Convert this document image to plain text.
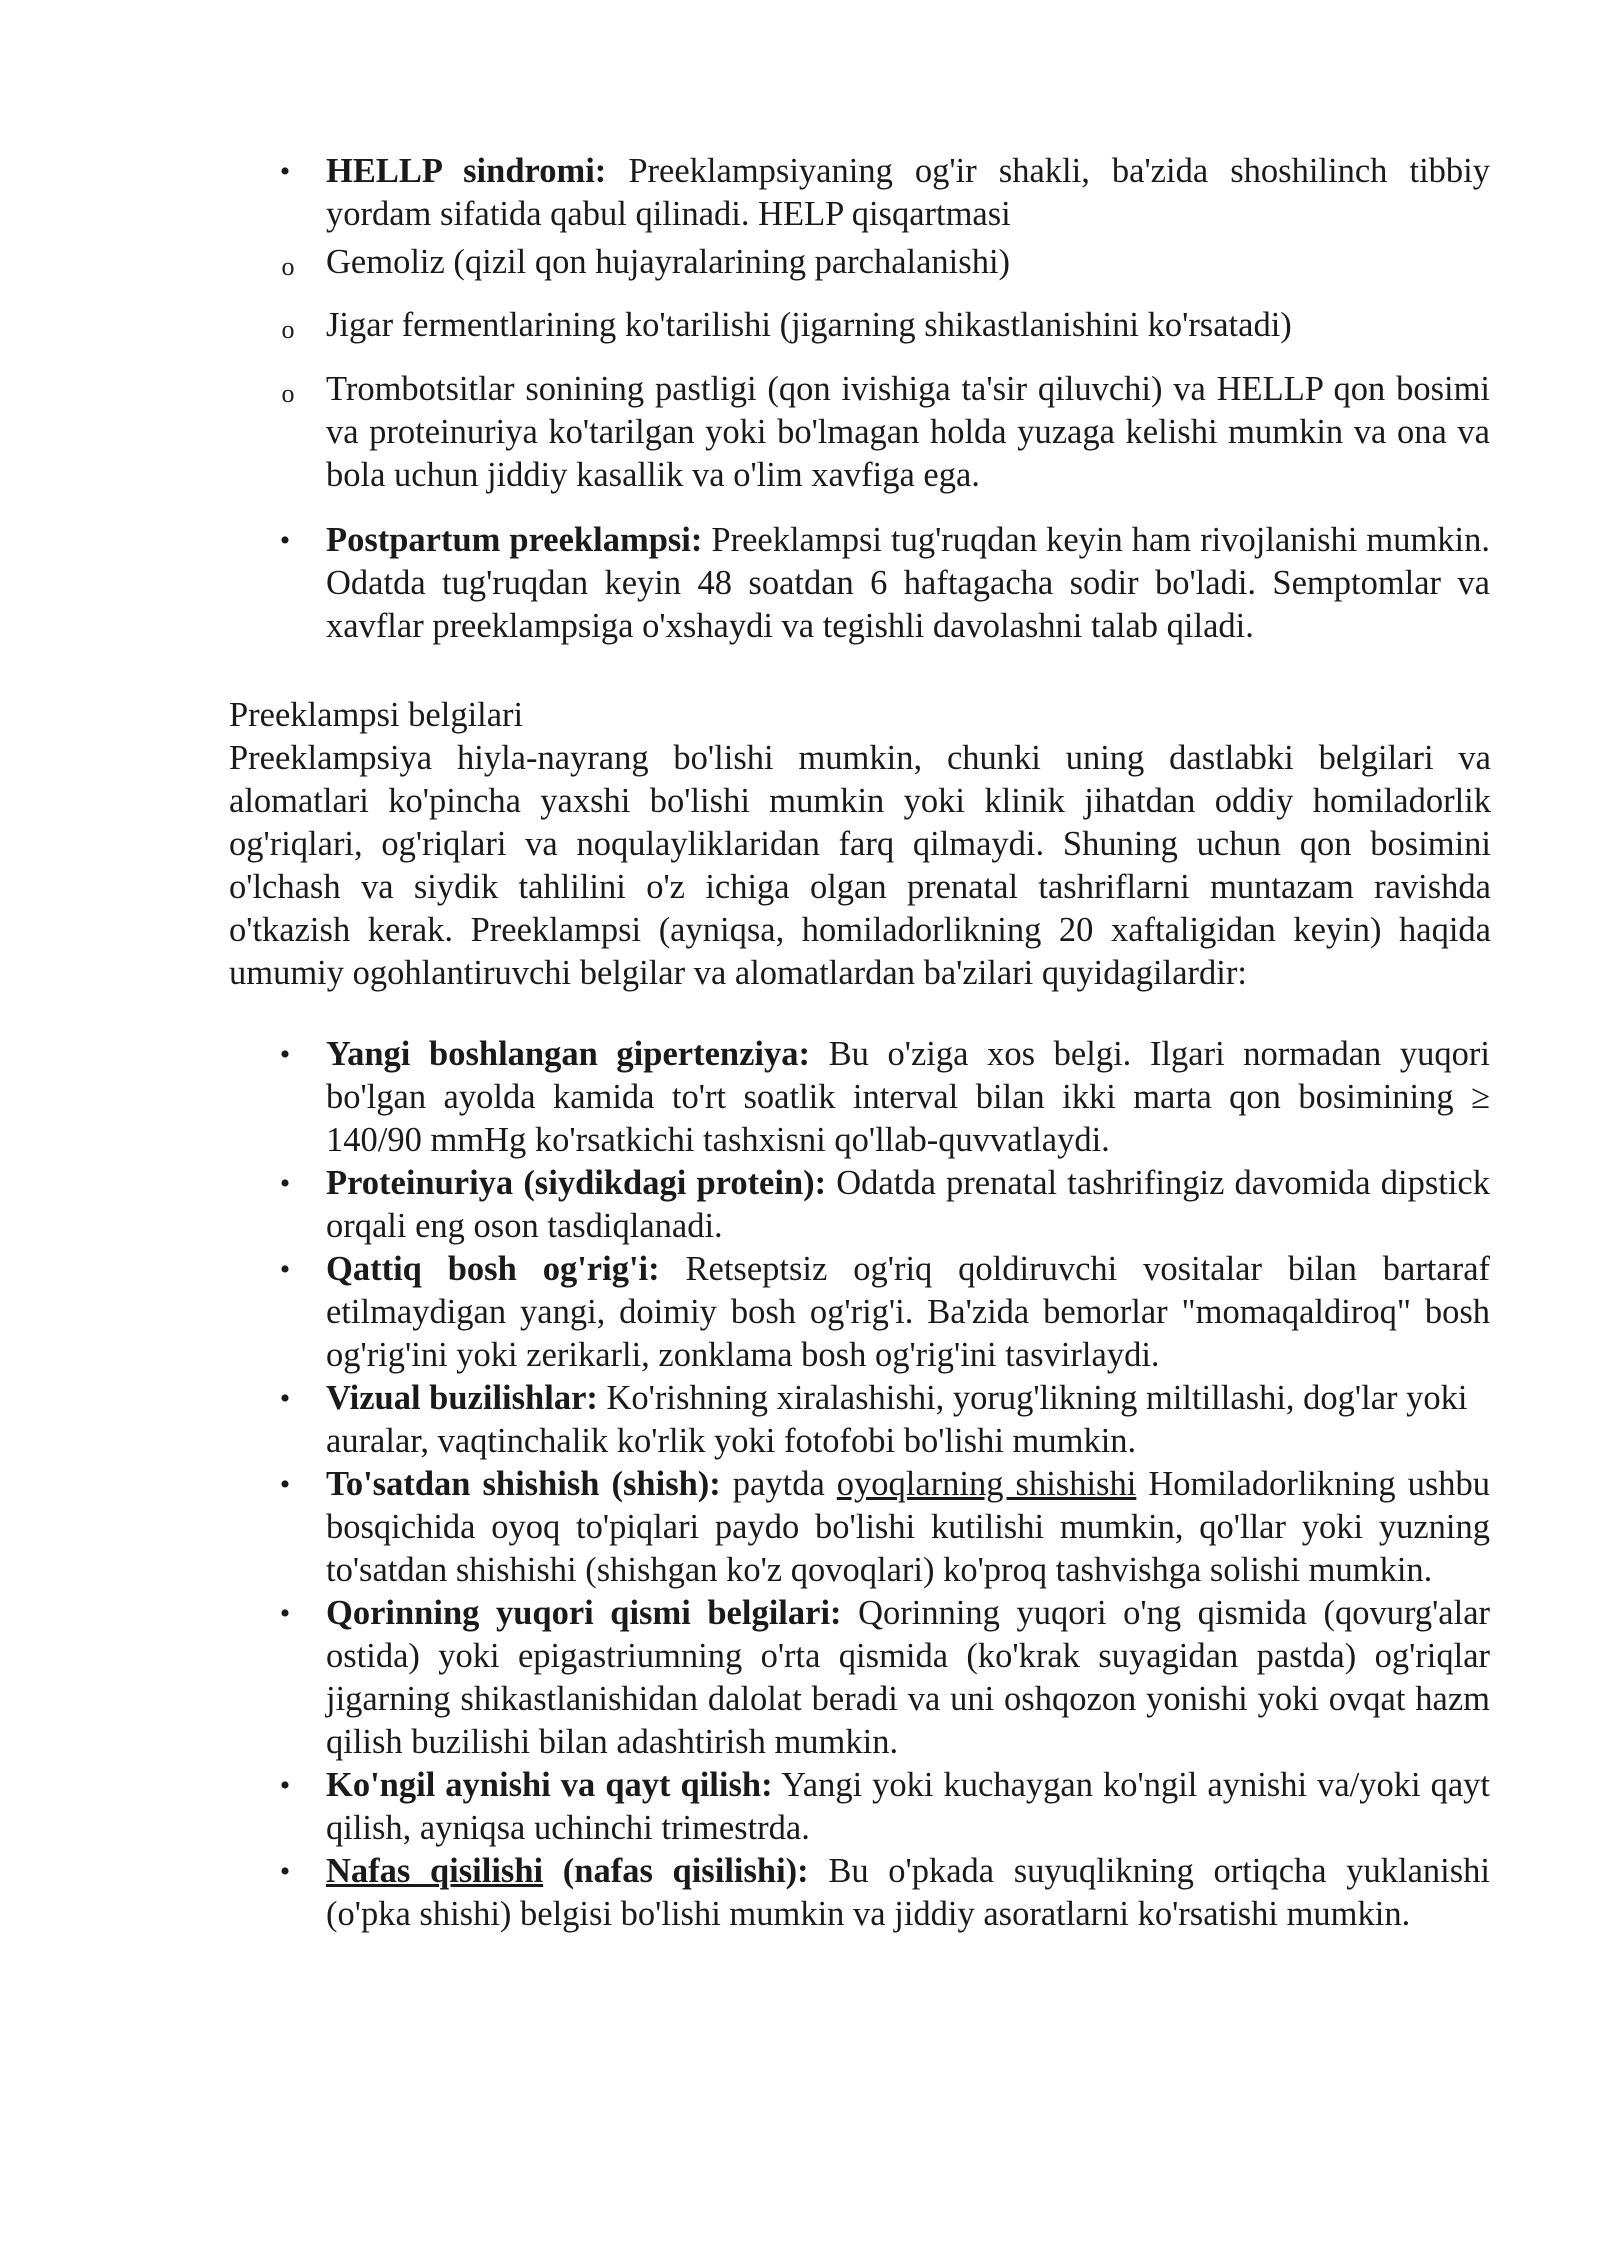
• HELLP sindromi: Preeklampsiyaning og'ir shakli, ba'zida shoshilinch tibbiy yordam sifatida qabul qilinadi. HELP qisqartmasi
o Gemoliz (qizil qon hujayralarining parchalanishi)
o Jigar fermentlarining ko'tarilishi (jigarning shikastlanishini ko'rsatadi)
o Trombotsitlar sonining pastligi (qon ivishiga ta'sir qiluvchi) va HELLP qon bosimi va proteinuriya ko'tarilgan yoki bo'lmagan holda yuzaga kelishi mumkin va ona va bola uchun jiddiy kasallik va o'lim xavfiga ega.
• Postpartum preeklampsi: Preeklampsi tug'ruqdan keyin ham rivojlanishi mumkin. Odatda tug'ruqdan keyin 48 soatdan 6 haftagacha sodir bo'ladi. Semptomlar va xavflar preeklampsiga o'xshaydi va tegishli davolashni talab qiladi.
Preeklampsi belgilari
Preeklampsiya hiyla-nayrang bo'lishi mumkin, chunki uning dastlabki belgilari va alomatlari ko'pincha yaxshi bo'lishi mumkin yoki klinik jihatdan oddiy homiladorlik og'riqlari, og'riqlari va noqulayliklaridan farq qilmaydi. Shuning uchun qon bosimini o'lchash va siydik tahlilini o'z ichiga olgan prenatal tashriflarni muntazam ravishda o'tkazish kerak. Preeklampsi (ayniqsa, homiladorlikning 20 xaftaligidan keyin) haqida umumiy ogohlantiruvchi belgilar va alomatlardan ba'zilari quyidagilardir:
• Yangi boshlangan gipertenziya: Bu o'ziga xos belgi. Ilgari normadan yuqori bo'lgan ayolda kamida to'rt soatlik interval bilan ikki marta qon bosimining ≥ 140/90 mmHg ko'rsatkichi tashxisni qo'llab-quvvatlaydi.
• Proteinuriya (siydikdagi protein): Odatda prenatal tashrifingiz davomida dipstick orqali eng oson tasdiqlanadi.
• Qattiq bosh og'rig'i: Retseptsiz og'riq qoldiruvchi vositalar bilan bartaraf etilmaydigan yangi, doimiy bosh og'rig'i. Ba'zida bemorlar "momaqaldiroq" bosh og'rig'ini yoki zerikarli, zonklama bosh og'rig'ini tasvirlaydi.
• Vizual buzilishlar: Ko'rishning xiralashishi, yorug'likning miltillashi, dog'lar yoki auralar, vaqtinchalik ko'rlik yoki fotofobi bo'lishi mumkin.
• To'satdan shishish (shish): paytda oyoqlarning shishishi Homiladorlikning ushbu bosqichida oyoq to'piqlari paydo bo'lishi kutilishi mumkin, qo'llar yoki yuzning to'satdan shishishi (shishgan ko'z qovoqlari) ko'proq tashvishga solishi mumkin.
• Qorinning yuqori qismi belgilari: Qorinning yuqori o'ng qismida (qovurg'alar ostida) yoki epigastriumning o'rta qismida (ko'krak suyagidan pastda) og'riqlar jigarning shikastlanishidan dalolat beradi va uni oshqozon yonishi yoki ovqat hazm qilish buzilishi bilan adashtirish mumkin.
• Ko'ngil aynishi va qayt qilish: Yangi yoki kuchaygan ko'ngil aynishi va/yoki qayt qilish, ayniqsa uchinchi trimestrda.
• Nafas qisilishi (nafas qisilishi): Bu o'pkada suyuqlikning ortiqcha yuklanishi (o'pka shishi) belgisi bo'lishi mumkin va jiddiy asoratlarni ko'rsatishi mumkin.
